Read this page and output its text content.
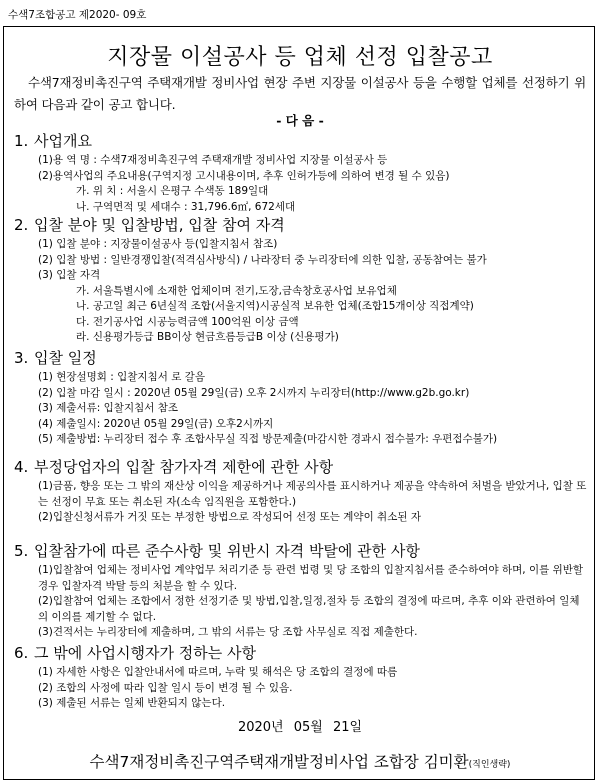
수색7조합공고 제2020- 09호
지장물 이설공사 등 업체 선정 입찰공고
수색7재정비촉진구역 주택재개발 정비사업 현장 주변 지장물 이설공사 등을 수행할 업체를 선정하기 위하여 다음과 같이 공고 합니다.
- 다 음 -
1. 사업개요
(1)용 역 명 : 수색7재정비촉진구역 주택재개발 정비사업 지장물 이설공사 등
(2)용역사업의 주요내용(구역지정 고시내용이며, 추후 인허가등에 의하여 변경 될 수 있음)
가. 위 치 : 서울시 은평구 수색동 189일대
나. 구역면적 및 세대수 : 31,796.6㎡, 672세대
2. 입찰 분야 및 입찰방법, 입찰 참여 자격
(1) 입찰 분야 : 지장물이설공사 등(입찰지침서 참조)
(2) 입찰 방법 : 일반경쟁입찰(적격심사방식) / 나라장터 중 누리장터에 의한 입찰, 공동참여는 불가
(3) 입찰 자격
가. 서울특별시에 소재한 업체이며 전기,도장,금속창호공사업 보유업체
나. 공고일 최근 6년실적 조합(서울지역)시공실적 보유한 업체(조합15개이상 직접계약)
다. 전기공사업 시공능력금액 100억원 이상 금액
라. 신용평가등급 BB이상 현금흐름등급B 이상 (신용평가)
3. 입찰 일정
(1) 현장설명회 : 입찰지침서 로 갈음
(2) 입찰 마감 일시 : 2020년 05월 29일(금) 오후 2시까지 누리장터(http://www.g2b.go.kr)
(3) 제출서류: 입찰지침서 참조
(4) 제출일시: 2020년 05월 29일(금) 오후2시까지
(5) 제출방법: 누리장터 접수 후 조합사무실 직접 방문제출(마감시한 경과시 접수불가: 우편접수불가)
4. 부정당업자의 입찰 참가자격 제한에 관한 사항
(1)금품, 향응 또는 그 밖의 재산상 이익을 제공하거나 제공의사를 표시하거나 제공을 약속하여 처벌을 받았거나, 입찰 또는 선정이 무효 또는 취소된 자(소속 임직원을 포함한다.)
(2)입찰신청서류가 거짓 또는 부정한 방법으로 작성되어 선정 또는 계약이 취소된 자
5. 입찰참가에 따른 준수사항 및 위반시 자격 박탈에 관한 사항
(1)입찰참여 업체는 정비사업 계약업무 처리기준 등 관련 법령 및 당 조합의 입찰지침서를 준수하여야 하며, 이를 위반할 경우 입찰자격 박탈 등의 처분을 할 수 있다.
(2)입찰참여 업체는 조합에서 정한 선정기준 및 방법,입찰,일정,절차 등 조합의 결정에 따르며, 추후 이와 관련하여 일체의 이의를 제기할 수 없다.
(3)견적서는 누리장터에 제출하며, 그 밖의 서류는 당 조합 사무실로 직접 제출한다.
6. 그 밖에 사업시행자가 정하는 사항
(1) 자세한 사항은 입찰안내서에 따르며, 누락 및 해석은 당 조합의 결정에 따름
(2) 조합의 사정에 따라 입찰 일시 등이 변경 될 수 있음.
(3) 제출된 서류는 일체 반환되지 않는다.
2020년 05월 21일
수색7재정비촉진구역주택재개발정비사업 조합장 김미환(직인생략)
